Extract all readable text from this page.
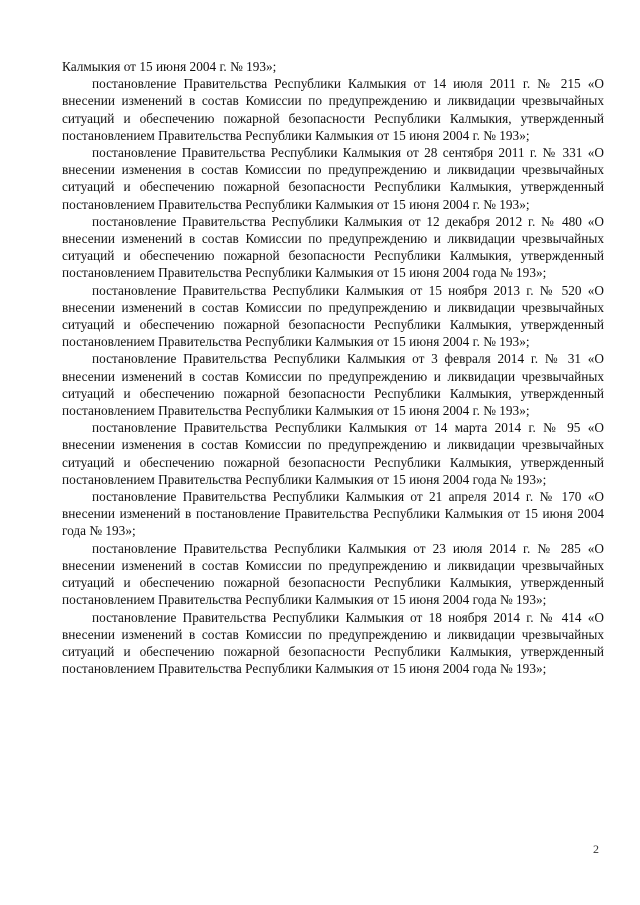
Калмыкия от 15 июня 2004 г. № 193»;

постановление Правительства Республики Калмыкия от 14 июля 2011 г. № 215 «О внесении изменений в состав Комиссии по предупреждению и ликвидации чрезвычайных ситуаций и обеспечению пожарной безопасности Республики Калмыкия, утвержденный постановлением Правительства Республики Калмыкия от 15 июня 2004 г. № 193»;

постановление Правительства Республики Калмыкия от 28 сентября 2011 г. № 331 «О внесении изменения в состав Комиссии по предупреждению и ликвидации чрезвычайных ситуаций и обеспечению пожарной безопасности Республики Калмыкия, утвержденный постановлением Правительства Республики Калмыкия от 15 июня 2004 г. № 193»;

постановление Правительства Республики Калмыкия от 12 декабря 2012 г. № 480 «О внесении изменений в состав Комиссии по предупреждению и ликвидации чрезвычайных ситуаций и обеспечению пожарной безопасности Республики Калмыкия, утвержденный постановлением Правительства Республики Калмыкия от 15 июня 2004 года № 193»;

постановление Правительства Республики Калмыкия от 15 ноября 2013 г. № 520 «О внесении изменений в состав Комиссии по предупреждению и ликвидации чрезвычайных ситуаций и обеспечению пожарной безопасности Республики Калмыкия, утвержденный постановлением Правительства Республики Калмыкия от 15 июня 2004 г. № 193»;

постановление Правительства Республики Калмыкия от 3 февраля 2014 г. № 31 «О внесении изменений в состав Комиссии по предупреждению и ликвидации чрезвычайных ситуаций и обеспечению пожарной безопасности Республики Калмыкия, утвержденный постановлением Правительства Республики Калмыкия от 15 июня 2004 г. № 193»;

постановление Правительства Республики Калмыкия от 14 марта 2014 г. № 95 «О внесении изменения в состав Комиссии по предупреждению и ликвидации чрезвычайных ситуаций и обеспечению пожарной безопасности Республики Калмыкия, утвержденный постановлением Правительства Республики Калмыкия от 15 июня 2004 года № 193»;

постановление Правительства Республики Калмыкия от 21 апреля 2014 г. № 170 «О внесении изменений в постановление Правительства Республики Калмыкия от 15 июня 2004 года № 193»;

постановление Правительства Республики Калмыкия от 23 июля 2014 г. № 285 «О внесении изменений в состав Комиссии по предупреждению и ликвидации чрезвычайных ситуаций и обеспечению пожарной безопасности Республики Калмыкия, утвержденный постановлением Правительства Республики Калмыкия от 15 июня 2004 года № 193»;

постановление Правительства Республики Калмыкия от 18 ноября 2014 г. № 414 «О внесении изменений в состав Комиссии по предупреждению и ликвидации чрезвычайных ситуаций и обеспечению пожарной безопасности Республики Калмыкия, утвержденный постановлением Правительства Республики Калмыкия от 15 июня 2004 года № 193»;

2
